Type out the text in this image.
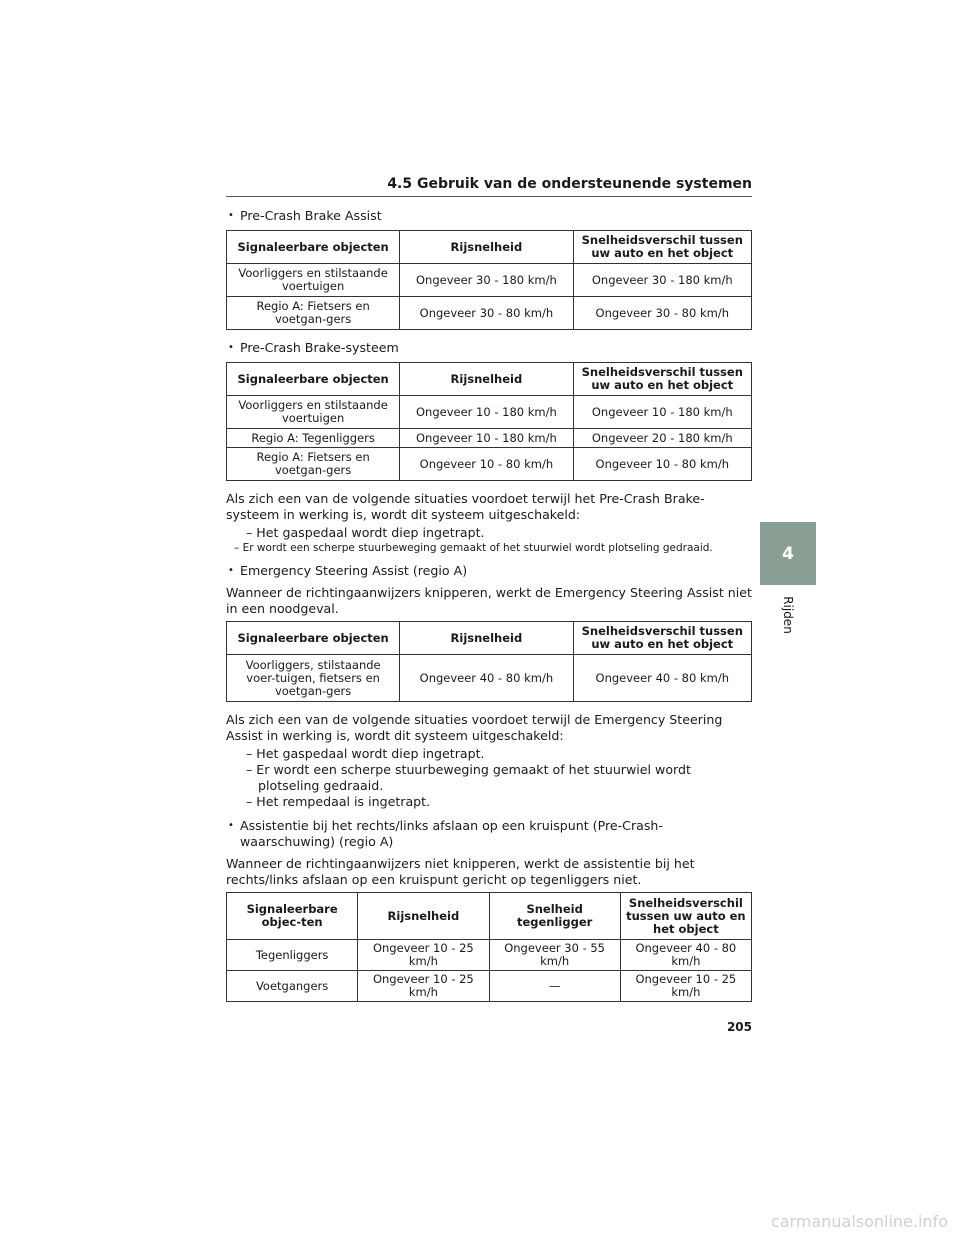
4.5 Gebruik van de ondersteunende systemen
• Pre-Crash Brake Assist
Signaleerbare objecten	Rijsnelheid	Snelheidsverschil tussen uw auto en het object
Voorliggers en stilstaande voertuigen	Ongeveer 30 - 180 km/h	Ongeveer 30 - 180 km/h
Regio A: Fietsers en voetgan-gers	Ongeveer 30 - 80 km/h	Ongeveer 30 - 80 km/h
• Pre-Crash Brake-systeem
Signaleerbare objecten	Rijsnelheid	Snelheidsverschil tussen uw auto en het object
Voorliggers en stilstaande voertuigen	Ongeveer 10 - 180 km/h	Ongeveer 10 - 180 km/h
Regio A: Tegenliggers	Ongeveer 10 - 180 km/h	Ongeveer 20 - 180 km/h
Regio A: Fietsers en voetgan-gers	Ongeveer 10 - 80 km/h	Ongeveer 10 - 80 km/h
Als zich een van de volgende situaties voordoet terwijl het Pre-Crash Brake-systeem in werking is, wordt dit systeem uitgeschakeld:
– Het gaspedaal wordt diep ingetrapt.
– Er wordt een scherpe stuurbeweging gemaakt of het stuurwiel wordt plotseling gedraaid.
• Emergency Steering Assist (regio A)
Wanneer de richtingaanwijzers knipperen, werkt de Emergency Steering Assist niet in een noodgeval.
Signaleerbare objecten	Rijsnelheid	Snelheidsverschil tussen uw auto en het object
Voorliggers, stilstaande voer-tuigen, fietsers en voetgan-gers	Ongeveer 40 - 80 km/h	Ongeveer 40 - 80 km/h
Als zich een van de volgende situaties voordoet terwijl de Emergency Steering Assist in werking is, wordt dit systeem uitgeschakeld:
– Het gaspedaal wordt diep ingetrapt.
– Er wordt een scherpe stuurbeweging gemaakt of het stuurwiel wordt plotseling gedraaid.
– Het rempedaal is ingetrapt.
• Assistentie bij het rechts/links afslaan op een kruispunt (Pre-Crash-waarschuwing) (regio A)
Wanneer de richtingaanwijzers niet knipperen, werkt de assistentie bij het rechts/links afslaan op een kruispunt gericht op tegenliggers niet.
Signaleerbare objec-ten	Rijsnelheid	Snelheid tegenligger	Snelheidsverschil tussen uw auto en het object
Tegenliggers	Ongeveer 10 - 25 km/h	Ongeveer 30 - 55 km/h	Ongeveer 40 - 80 km/h
Voetgangers	Ongeveer 10 - 25 km/h	—	Ongeveer 10 - 25 km/h
4
Rijden
205
carmanualsonline.info
